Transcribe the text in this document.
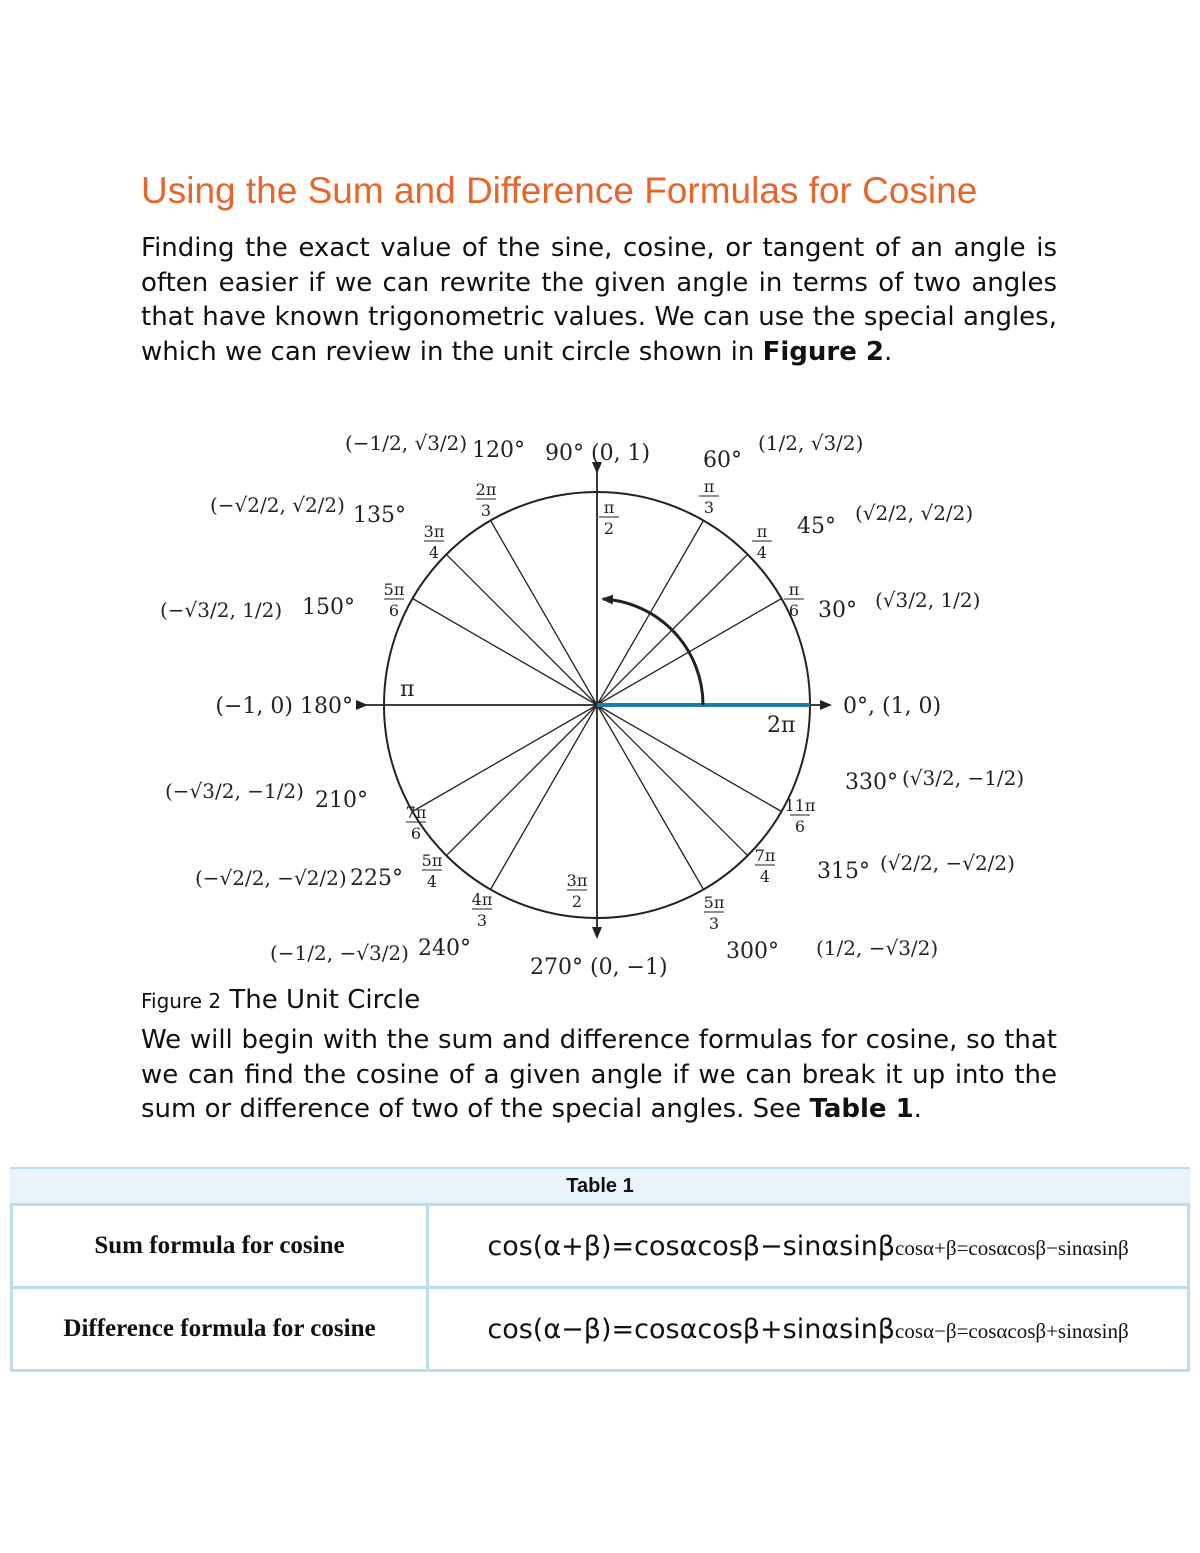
Using the Sum and Difference Formulas for Cosine

Finding the exact value of the sine, cosine, or tangent of an angle is often easier if we can rewrite the given angle in terms of two angles that have known trigonometric values. We can use the special angles, which we can review in the unit circle shown in Figure 2.

0°, (1, 0)
90° (0, 1)
(−1, 0) 180°
270° (0, −1)
30°
45°
60°
120°
135°
150°
210°
225°
240°	300°
315°
330°
(√3/2, 1/2)
(√2/2, √2/2)
(1/2, √3/2)
(−1/2, √3/2)
(−√2/2, √2/2)
(−√3/2, 1/2)
(−√3/2, −1/2)
(−√2/2, −√2/2)
(−1/2, −√3/2)	(1/2, −√3/2)
(√2/2, −√2/2)
(√3/2, −1/2)
π
2π
π
6
π
4
π
3
π
2
2π
3
3π
4
5π
6
7π
6
5π
4
4π
3
3π
2	5π
3
7π
4
11π
6

Figure 2 The Unit Circle

We will begin with the sum and difference formulas for cosine, so that we can find the cosine of a given angle if we can break it up into the sum or difference of two of the special angles. See Table 1.

Table 1
Sum formula for cosine	cos(α+β)=cosαcosβ−sinαsinβcosα+β=cosαcosβ−sinαsinβ
Difference formula for cosine	cos(α−β)=cosαcosβ+sinαsinβcosα−β=cosαcosβ+sinαsinβ
